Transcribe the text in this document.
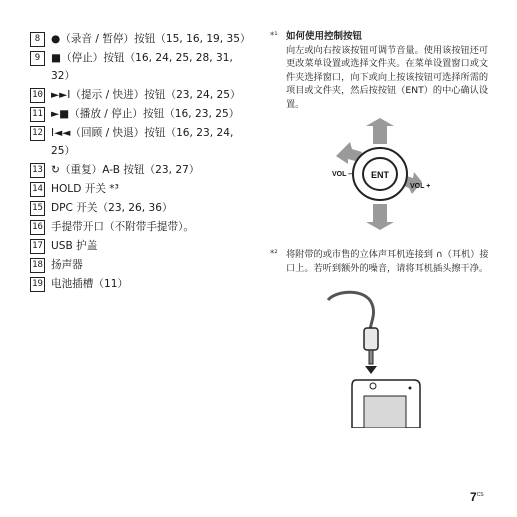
8	●（录音 / 暂停）按钮（15, 16, 19, 35）
9	■（停止）按钮（16, 24, 25, 28, 31, 32）
10 ►►I（提示 / 快进）按钮（23, 24, 25）
11 ►■（播放 / 停止）按钮（16, 23, 25）
12 I◄◄（回顾 / 快退）按钮（16, 23, 24, 25）
13 ↻（重复）A-B 按钮（23, 27）
14 HOLD 开关 *³
15 DPC 开关（23, 26, 36）
16 手提带开口（不附带手提带）。
17 USB 护盖
18 扬声器
19 电池插槽（11）
*¹ 如何使用控制按钮
向左或向右按该按钮可调节音量。使用该按钮还可更改菜单设置或选择文件夹。在菜单设置窗口或文件夹选择窗口，向下或向上按该按钮可选择所需的项目或文件夹，然后按按钮（ENT）的中心确认设置。
ENT
VOL –
VOL +
*² 将附带的或市售的立体声耳机连接到 ∩（耳机）接口上。若听到额外的噪音，请将耳机插头擦干净。
$7^{CS}$
